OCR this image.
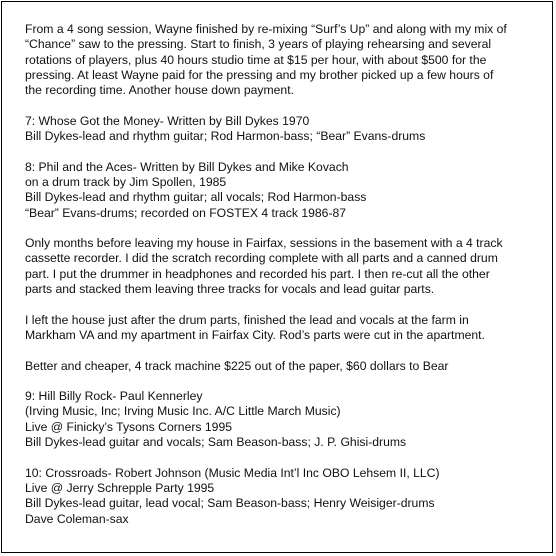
From a 4 song session, Wayne finished by re-mixing “Surf’s Up” and along with my mix of
“Chance” saw to the pressing. Start to finish, 3 years of playing rehearsing and several
rotations of players, plus 40 hours studio time at $15 per hour, with about $500 for the
pressing. At least Wayne paid for the pressing and my brother picked up a few hours of
the recording time. Another house down payment.

7: Whose Got the Money- Written by Bill Dykes 1970
Bill Dykes-lead and rhythm guitar; Rod Harmon-bass; “Bear” Evans-drums

8: Phil and the Aces- Written by Bill Dykes and Mike Kovach
on a drum track by Jim Spollen, 1985
Bill Dykes-lead and rhythm guitar; all vocals; Rod Harmon-bass
“Bear” Evans-drums; recorded on FOSTEX 4 track 1986-87

Only months before leaving my house in Fairfax, sessions in the basement with a 4 track
cassette recorder. I did the scratch recording complete with all parts and a canned drum
part. I put the drummer in headphones and recorded his part. I then re-cut all the other
parts and stacked them leaving three tracks for vocals and lead guitar parts.

I left the house just after the drum parts, finished the lead and vocals at the farm in
Markham VA and my apartment in Fairfax City. Rod’s parts were cut in the apartment.

Better and cheaper, 4 track machine $225 out of the paper, $60 dollars to Bear

9: Hill Billy Rock- Paul Kennerley
(Irving Music, Inc; Irving Music Inc. A/C Little March Music)
Live @ Finicky’s Tysons Corners 1995
Bill Dykes-lead guitar and vocals; Sam Beason-bass; J. P. Ghisi-drums

10: Crossroads- Robert Johnson (Music Media Int’l Inc OBO Lehsem II, LLC)
Live @ Jerry Schrepple Party 1995
Bill Dykes-lead guitar, lead vocal; Sam Beason-bass; Henry Weisiger-drums
Dave Coleman-sax
